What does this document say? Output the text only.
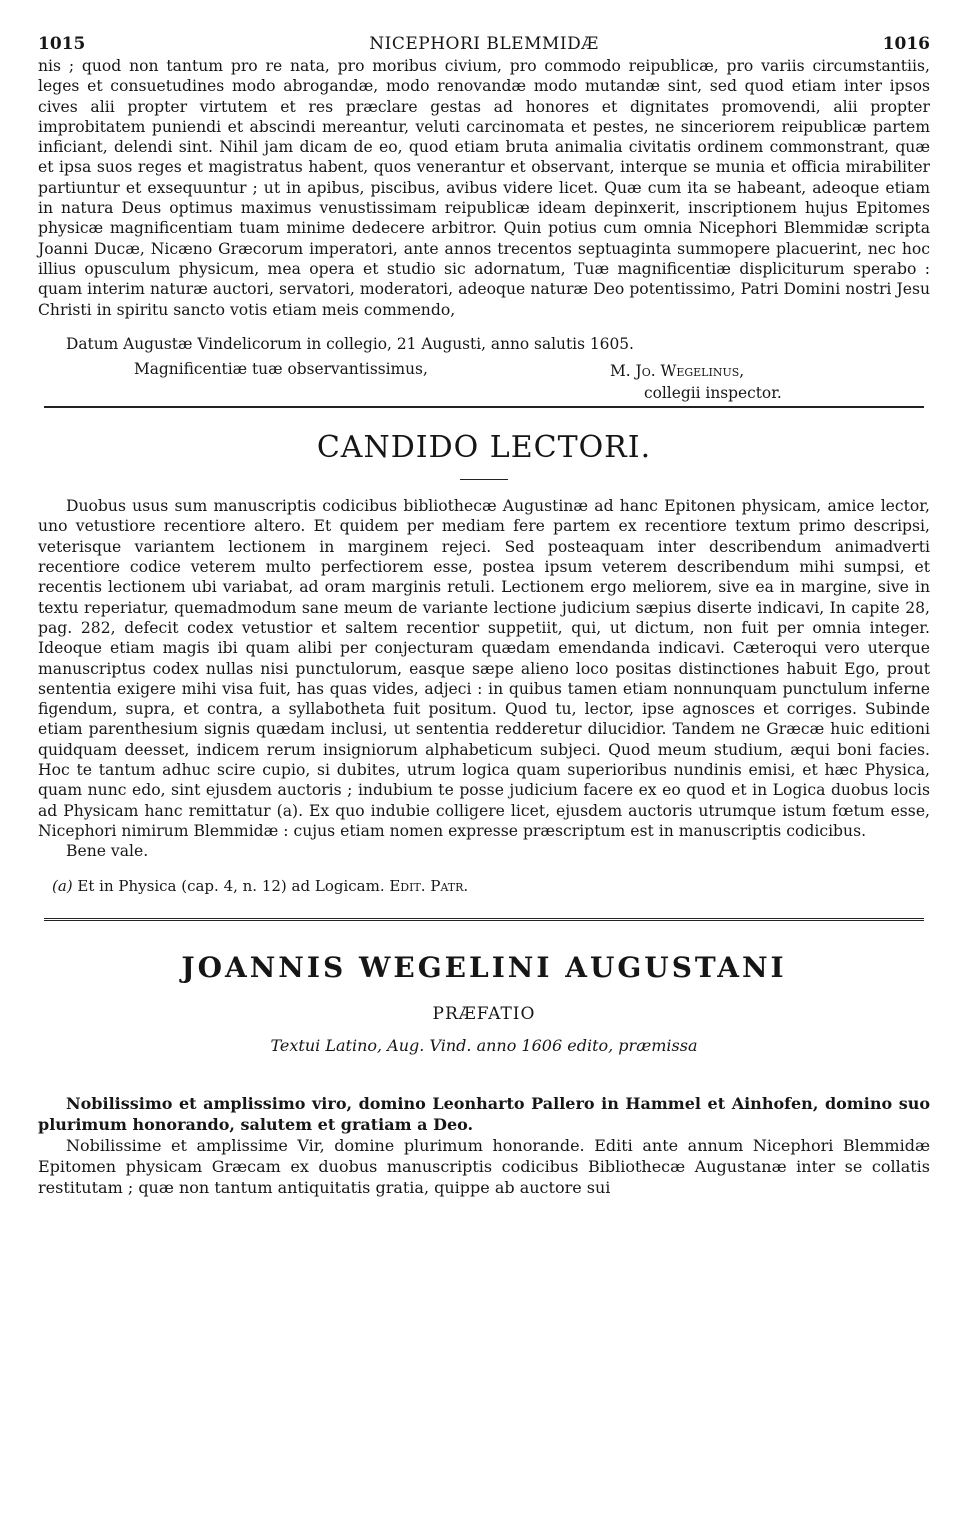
1015	NICEPHORI BLEMMIDÆ	1016

nis ; quod non tantum pro re nata, pro moribus civium, pro commodo reipublicæ, pro variis circumstantiis, leges et consuetudines modo abrogandæ, modo renovandæ modo mutandæ sint, sed quod etiam inter ipsos cives alii propter virtutem et res præclare gestas ad honores et dignitates promovendi, alii propter improbitatem puniendi et abscindi mereantur, veluti carcinomata et pestes, ne sinceriorem reipublicæ partem inficiant, delendi sint. Nihil jam dicam de eo, quod etiam bruta animalia civitatis ordinem commonstrant, quæ et ipsa suos reges et magistratus habent, quos venerantur et observant, interque se munia et officia mirabiliter partiuntur et exsequuntur ; ut in apibus, piscibus, avibus videre licet. Quæ cum ita se habeant, adeoque etiam in natura Deus optimus maximus venustissimam reipublicæ ideam depinxerit, inscriptionem hujus Epitomes physicæ magnificentiam tuam minime dedecere arbitror. Quin potius cum omnia Nicephori Blemmidæ scripta Joanni Ducæ, Nicæno Græcorum imperatori, ante annos trecentos septuaginta summopere placuerint, nec hoc illius opusculum physicum, mea opera et studio sic adornatum, Tuæ magnificentiæ displiciturum sperabo : quam interim naturæ auctori, servatori, moderatori, adeoque naturæ Deo potentissimo, Patri Domini nostri Jesu Christi in spiritu sancto votis etiam meis commendo,

Datum Augustæ Vindelicorum in collegio, 21 Augusti, anno salutis 1605.

Magnificentiæ tuæ observantissimus,	M. Jo. Wegelinus,
collegii inspector.
CANDIDO LECTORI.

Duobus usus sum manuscriptis codicibus bibliothecæ Augustinæ ad hanc Epitonen physicam, amice lector, uno vetustiore recentiore altero. Et quidem per mediam fere partem ex recentiore textum primo descripsi, veterisque variantem lectionem in marginem rejeci. Sed posteaquam inter describendum animadverti recentiore codice veterem multo perfectiorem esse, postea ipsum veterem describendum mihi sumpsi, et recentis lectionem ubi variabat, ad oram marginis retuli. Lectionem ergo meliorem, sive ea in margine, sive in textu reperiatur, quemadmodum sane meum de variante lectione judicium sæpius diserte indicavi, In capite 28, pag. 282, defecit codex vetustior et saltem recentior suppetiit, qui, ut dictum, non fuit per omnia integer. Ideoque etiam magis ibi quam alibi per conjecturam quædam emendanda indicavi. Cæteroqui vero uterque manuscriptus codex nullas nisi punctulorum, easque sæpe alieno loco positas distinctiones habuit Ego, prout sententia exigere mihi visa fuit, has quas vides, adjeci : in quibus tamen etiam nonnunquam punctulum inferne figendum, supra, et contra, a syllabotheta fuit positum. Quod tu, lector, ipse agnosces et corriges. Subinde etiam parenthesium signis quædam inclusi, ut sententia redderetur dilucidior. Tandem ne Græcæ huic editioni quidquam deesset, indicem rerum insigniorum alphabeticum subjeci. Quod meum studium, æqui boni facies. Hoc te tantum adhuc scire cupio, si dubites, utrum logica quam superioribus nundinis emisi, et hæc Physica, quam nunc edo, sint ejusdem auctoris ; indubium te posse judicium facere ex eo quod et in Logica duobus locis ad Physicam hanc remittatur (a). Ex quo indubie colligere licet, ejusdem auctoris utrumque istum fœtum esse, Nicephori nimirum Blemmidæ : cujus etiam nomen expresse præscriptum est in manuscriptis codicibus.

Bene vale.

(a) Et in Physica (cap. 4, n. 12) ad Logicam. Edit. Patr.

JOANNIS WEGELINI AUGUSTANI
PRÆFATIO
Textui Latino, Aug. Vind. anno 1606 edito, præmissa

Nobilissimo et amplissimo viro, domino Leonharto Pallero in Hammel et Ainhofen, domino suo plurimum honorando, salutem et gratiam a Deo.

Nobilissime et amplissime Vir, domine plurimum honorande. Editi ante annum Nicephori Blemmidæ Epitomen physicam Græcam ex duobus manuscriptis codicibus Bibliothecæ Augustanæ inter se collatis restitutam ; quæ non tantum antiquitatis gratia, quippe ab auctore sui
